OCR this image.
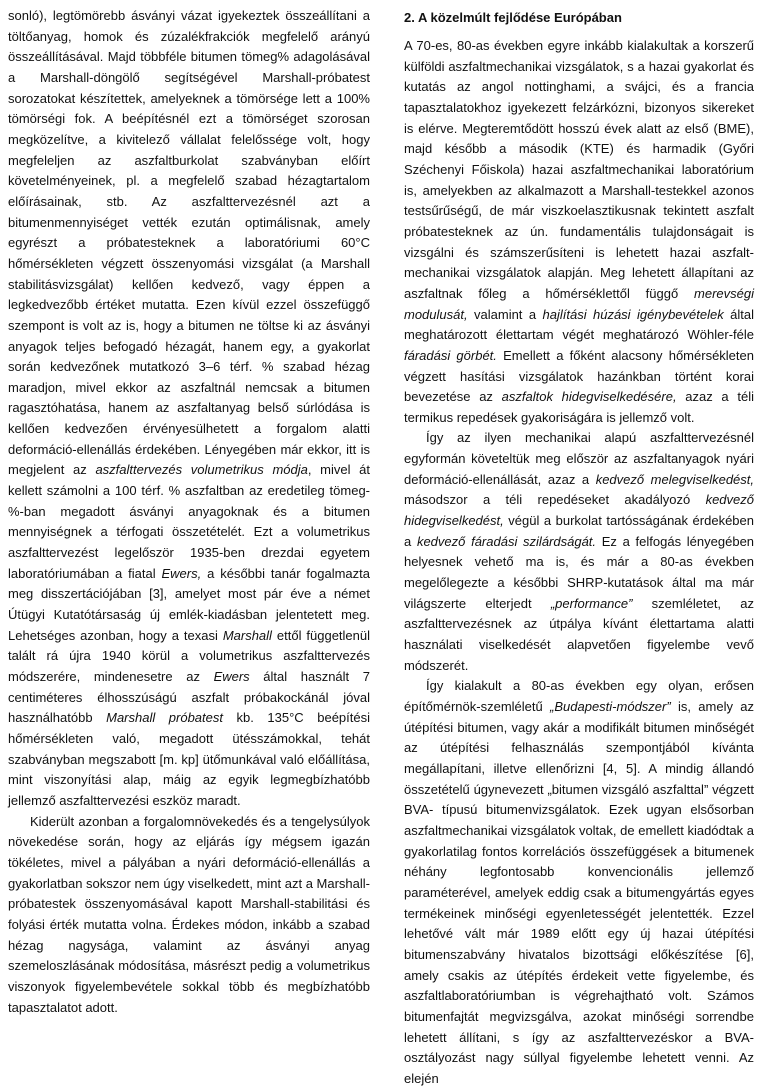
sonló), legtömörebb ásványi vázat igyekeztek összeállítani a töltőanyag, homok és zúzalékfrakciók megfelelő arányú összeállításával. Majd többféle bitumen tömeg% adagolásával a Marshall-döngölő segítségével Marshall-próbatest sorozatokat készítettek, amelyeknek a tömörsége lett a 100% tömörségi fok. A beépítésnél ezt a tömörséget szorosan megközelítve, a kivitelező vállalat felelőssége volt, hogy megfeleljen az aszfaltburkolat szabványban előírt követelményeinek, pl. a megfelelő szabad hézagtartalom előírásainak, stb. Az aszfalttervezésnél azt a bitumenmennyiséget vették ezután optimálisnak, amely egyrészt a próbatesteknek a laboratóriumi 60°C hőmérsékleten végzett összenyomási vizsgálat (a Marshall stabilitásvizsgálat) kellően kedvező, vagy éppen a legkedvezőbb értéket mutatta. Ezen kívül ezzel összefüggő szempont is volt az is, hogy a bitumen ne töltse ki az ásványi anyagok teljes befogadó hézagát, hanem egy, a gyakorlat során kedvezőnek mutatkozó 3–6 térf. % szabad hézag maradjon, mivel ekkor az aszfaltnál nemcsak a bitumen ragasztóhatása, hanem az aszfaltanyag belső súrlódása is kellően kedvezően érvényesülhetett a forgalom alatti deformáció-ellenállás érdekében. Lényegében már ekkor, itt is megjelent az aszfalttervezés volumetrikus módja, mivel át kellett számolni a 100 térf. % aszfaltban az eredetileg tömeg-%-ban megadott ásványi anyagoknak és a bitumen mennyiségnek a térfogati összetételét. Ezt a volumetrikus aszfalttervezést legelőször 1935-ben drezdai egyetem laboratóriumában a fiatal Ewers, a későbbi tanár fogalmazta meg disszertációjában [3], amelyet most pár éve a német Útügyi Kutatótársaság új emlék-kiadásban jelentetett meg. Lehetséges azonban, hogy a texasi Marshall ettől függetlenül talált rá újra 1940 körül a volumetrikus aszfalttervezés módszerére, mindenesetre az Ewers által használt 7 centiméteres élhosszúságú aszfalt próbakockánál jóval használhatóbb Marshall próbatest kb. 135°C beépítési hőmérsékleten való, megadott ütésszámokkal, tehát szabványban megszabott [m. kp] ütőmunkával való előállítása, mint viszonyítási alap, máig az egyik legmegbízhatóbb jellemző aszfalttervezési eszköz maradt.

Kiderült azonban a forgalomnövekedés és a tengelysúlyok növekedése során, hogy az eljárás így mégsem igazán tökéletes, mivel a pályában a nyári deformáció-ellenállás a gyakorlatban sokszor nem úgy viselkedett, mint azt a Marshall-próbatestek összenyomásával kapott Marshall-stabilitási és folyási érték mutatta volna. Érdekes módon, inkább a szabad hézag nagysága, valamint az ásványi anyag szemeloszlásának módosítása, másrészt pedig a volumetrikus viszonyok figyelembevétele sokkal több és megbízhatóbb tapasztalatot adott.

2. A közelmúlt fejlődése Európában

A 70-es, 80-as években egyre inkább kialakultak a korszerű külföldi aszfaltmechanikai vizsgálatok, s a hazai gyakorlat és kutatás az angol nottinghami, a svájci, és a francia tapasztalatokhoz igyekezett felzárkózni, bizonyos sikereket is elérve. Megteremtődött hosszú évek alatt az első (BME), majd később a második (KTE) és harmadik (Győri Széchenyi Főiskola) hazai aszfaltmechanikai laboratórium is, amelyekben az alkalmazott a Marshall-testekkel azonos testsűrűségű, de már viszkoelasztikusnak tekintett aszfalt próbatesteknek az ún. fundamentális tulajdonságait is vizsgálni és számszerűsíteni is lehetett hazai aszfalt-mechanikai vizsgálatok alapján. Meg lehetett állapítani az aszfaltnak főleg a hőmérséklettől függő merevségi modulusát, valamint a hajlítási húzási igénybevételek által meghatározott élettartam végét meghatározó Wöhler-féle fáradási görbét. Emellett a főként alacsony hőmérsékleten végzett hasítási vizsgálatok hazánkban történt korai bevezetése az aszfaltok hidegviselkedésére, azaz a téli termikus repedések gyakoriságára is jellemző volt.

Így az ilyen mechanikai alapú aszfalttervezésnél egyformán követeltük meg először az aszfaltanyagok nyári deformáció-ellenállását, azaz a kedvező melegviselkedést, másodszor a téli repedéseket akadályozó kedvező hidegviselkedést, végül a burkolat tartósságának érdekében a kedvező fáradási szilárdságát. Ez a felfogás lényegében helyesnek vehető ma is, és már a 80-as években megelőlegezte a későbbi SHRP-kutatások által ma már világszerte elterjedt „performance” szemléletet, az aszfalttervezésnek az útpálya kívánt élettartama alatti használati viselkedését alapvetően figyelembe vevő módszerét.

Így kialakult a 80-as években egy olyan, erősen építőmérnök-szemléletű „Budapesti-módszer” is, amely az útépítési bitumen, vagy akár a modifikált bitumen minőségét az útépítési felhasználás szempontjából kívánta megállapítani, illetve ellenőrizni [4, 5]. A mindig állandó összetételű úgynevezett „bitumen vizsgáló aszfalttal” végzett BVA- típusú bitumenvizsgálatok. Ezek ugyan elsősorban aszfaltmechanikai vizsgálatok voltak, de emellett kiadódtak a gyakorlatilag fontos korrelációs összefüggések a bitumenek néhány legfontosabb konvencionális jellemző paraméterével, amelyek eddig csak a bitumengyártás egyes termékeinek minőségi egyenletességét jelentették. Ezzel lehetővé vált már 1989 előtt egy új hazai útépítési bitumenszabvány hivatalos bizottsági előkészítése [6], amely csakis az útépítés érdekeit vette figyelembe, és aszfaltlaboratóriumban is végrehajtható volt. Számos bitumenfajtát megvizsgálva, azokat minőségi sorrendbe lehetett állítani, s így az aszfalttervezéskor a BVA-osztályozást nagy súllyal figyelembe lehetett venni. Az elején
